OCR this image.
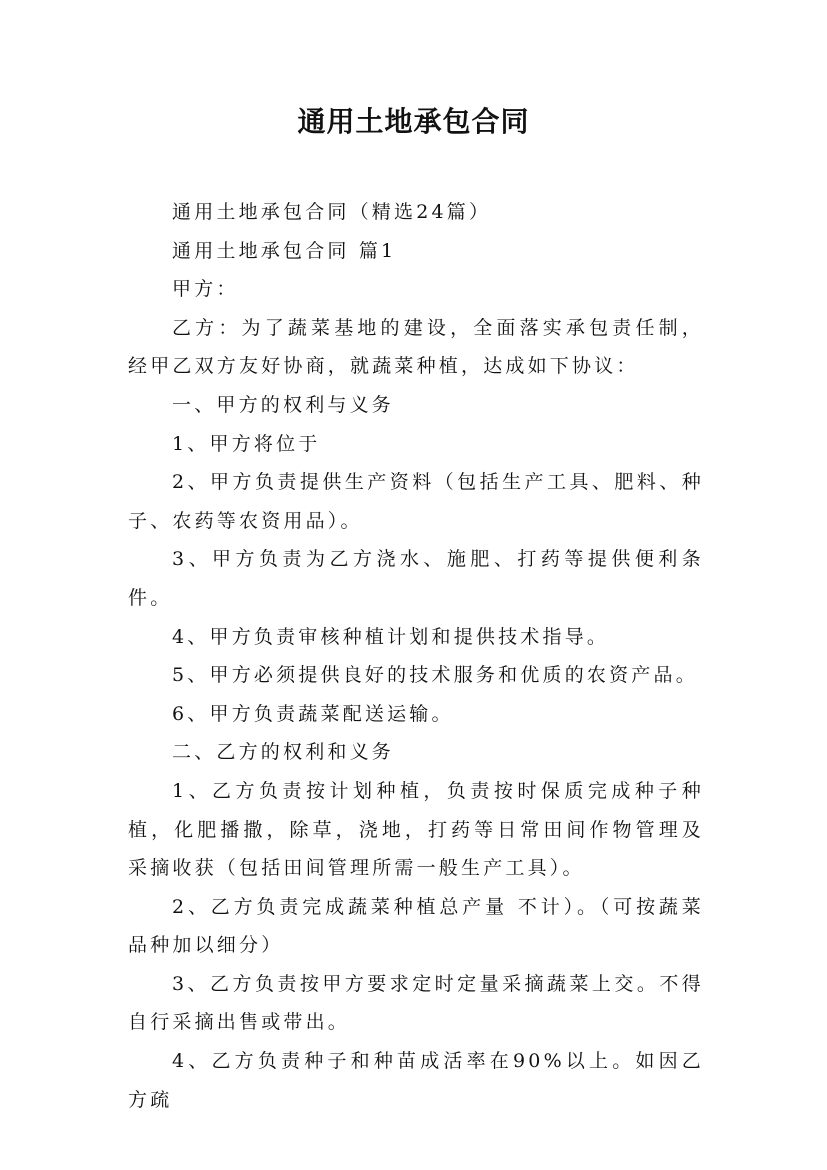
通用土地承包合同

通用土地承包合同（精选24篇）

通用土地承包合同 篇1

甲方：

乙方：为了蔬菜基地的建设，全面落实承包责任制，经甲乙双方友好协商，就蔬菜种植，达成如下协议：

一、甲方的权利与义务

1、甲方将位于

2、甲方负责提供生产资料（包括生产工具、肥料、种子、农药等农资用品）。

3、甲方负责为乙方浇水、施肥、打药等提供便利条件。

4、甲方负责审核种植计划和提供技术指导。

5、甲方必须提供良好的技术服务和优质的农资产品。

6、甲方负责蔬菜配送运输。

二、乙方的权利和义务

1、乙方负责按计划种植，负责按时保质完成种子种植，化肥播撒，除草，浇地，打药等日常田间作物管理及采摘收获（包括田间管理所需一般生产工具）。

2、乙方负责完成蔬菜种植总产量 不计）。（可按蔬菜品种加以细分）

3、乙方负责按甲方要求定时定量采摘蔬菜上交。不得自行采摘出售或带出。

4、乙方负责种子和种苗成活率在90%以上。如因乙方疏
